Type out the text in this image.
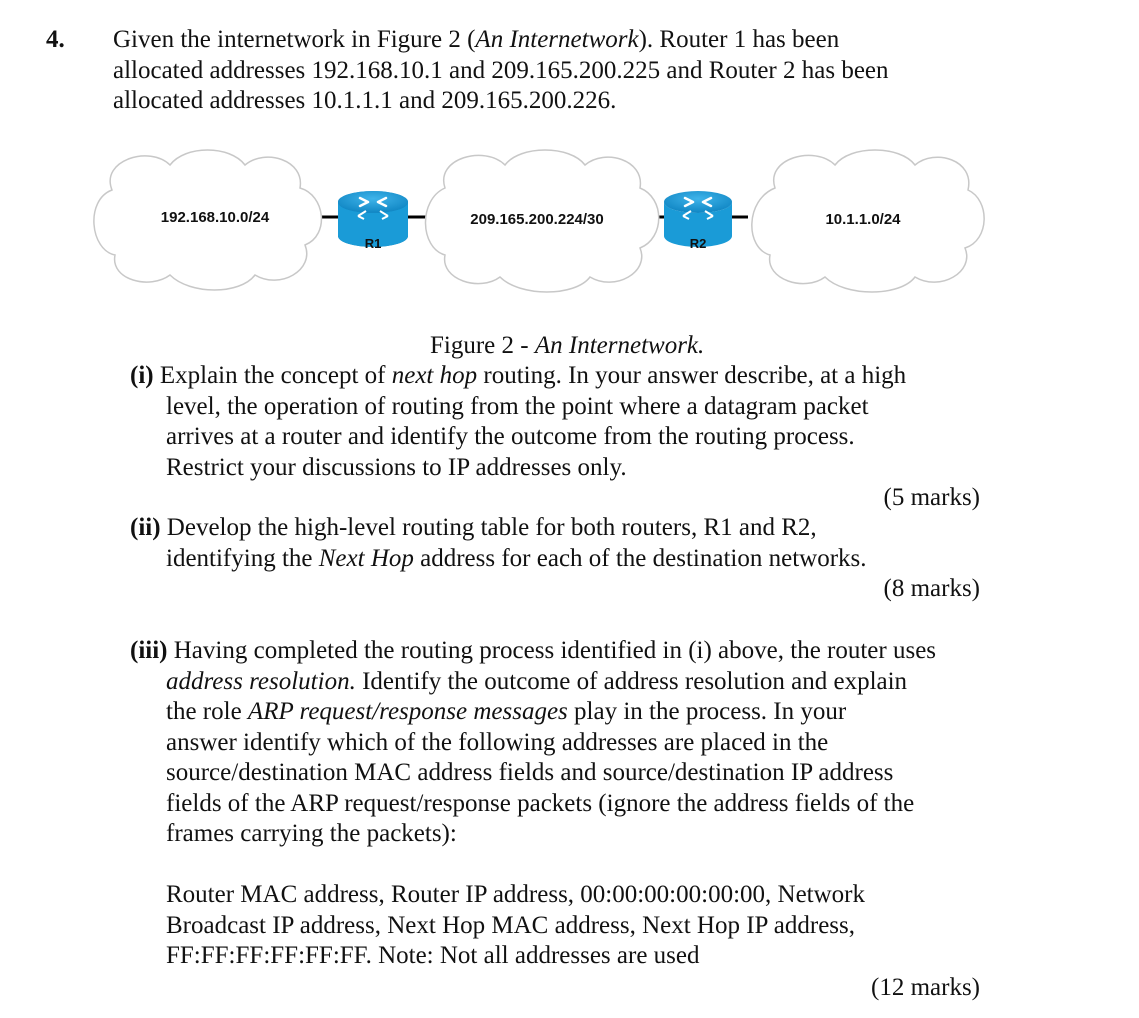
4. Given the internetwork in Figure 2 (An Internetwork). Router 1 has been
allocated addresses 192.168.10.1 and 209.165.200.225 and Router 2 has been
allocated addresses 10.1.1.1 and 209.165.200.226.
192.168.10.0/24	209.165.200.224/30	10.1.1.0/24
R1	R2
Figure 2 - An Internetwork.
(i) Explain the concept of next hop routing. In your answer describe, at a high
level, the operation of routing from the point where a datagram packet
arrives at a router and identify the outcome from the routing process.
Restrict your discussions to IP addresses only.
(5 marks)
(ii) Develop the high-level routing table for both routers, R1 and R2,
identifying the Next Hop address for each of the destination networks.
(8 marks)
(iii) Having completed the routing process identified in (i) above, the router uses
address resolution. Identify the outcome of address resolution and explain
the role ARP request/response messages play in the process. In your
answer identify which of the following addresses are placed in the
source/destination MAC address fields and source/destination IP address
fields of the ARP request/response packets (ignore the address fields of the
frames carrying the packets):
Router MAC address, Router IP address, 00:00:00:00:00:00, Network
Broadcast IP address, Next Hop MAC address, Next Hop IP address,
FF:FF:FF:FF:FF:FF. Note: Not all addresses are used
(12 marks)
